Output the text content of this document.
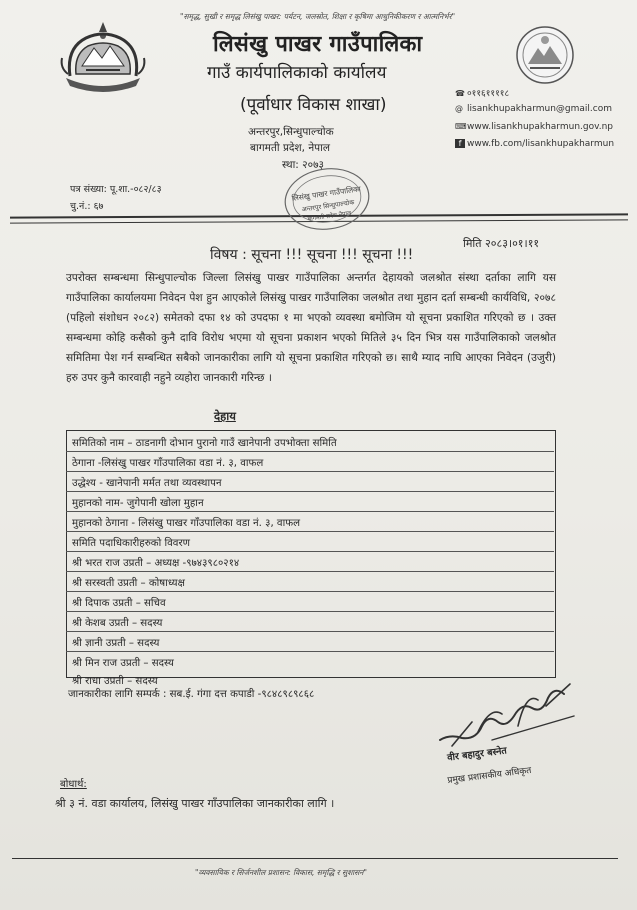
"समृद्ध, सुखी र समृद्ध लिसंखु पाखर: पर्यटन, जलस्रोत, शिक्षा र कृषिमा आधुनिकीकरण र आत्मनिर्भर"
लिसंखु पाखर गाउँपालिका
गाउँ कार्यपालिकाको कार्यालय
(पूर्वाधार विकास शाखा)
अन्तरपुर,सिन्धुपाल्चोक
बागमती प्रदेश, नेपाल
स्था: २०७३
☎ ०११६११११८
@ lisankhupakharmun@gmail.com
⌨www.lisankhupakharmun.gov.np
f www.fb.com/lisankhupakharmun
पत्र संख्या: पू.शा.-०८२/८३
चु.नं.: ६७
लिसंखु पाखर गाउँपालिका
अन्तरपुर सिन्धुपाल्चोक
बागमती प्रदेश नेपाल
मिति २०८३।०१।११
विषय : सूचना !!! सूचना !!! सूचना !!!
उपरोक्त सम्बन्धमा सिन्धुपाल्चोक जिल्ला लिसंखु पाखर गाउँपालिका अन्तर्गत देहायको जलश्रोत संस्था दर्ताका लागि यस गाउँपालिका कार्यालयमा निवेदन पेश हुन आएकोले लिसंखु पाखर गाउँपालिका जलश्रोत तथा मुहान दर्ता सम्बन्धी कार्यविधि, २०७८ (पहिलो संशोधन २०८२) समेतको दफा १४ को उपदफा १ मा भएको व्यवस्था बमोजिम यो सूचना प्रकाशित गरिएको छ । उक्त सम्बन्धमा कोहि कसैको कुनै दावि विरोध भएमा यो सूचना प्रकाशन भएको मितिले ३५ दिन भित्र यस गाउँपालिकाको जलश्रोत समितिमा पेश गर्न सम्बन्धित सबैको जानकारीका लागि यो सूचना प्रकाशित गरिएको छ। साथै म्याद नाघि आएका निवेदन (उजुरी) हरु उपर कुनै कारवाही नहुने व्यहोरा जानकारी गरिन्छ ।
देहाय
समितिको नाम – ठाडनागी दोभान पुरानो गाउँ खानेपानी उपभोक्ता समिति
ठेगाना -लिसंखु पाखर गाँउपालिका वडा नं. ३, वाफल
उद्धेश्य - खानेपानी मर्मत तथा व्यवस्थापन
मुहानको नाम- जुगेपानी खोला मुहान
मुहानको ठेगाना - लिसंखु पाखर गाँउपालिका वडा नं. ३, वाफल
समिति पदाधिकारीहरुको विवरण
श्री भरत राज उप्रती – अध्यक्ष -९७४३९८०२१४
श्री सरस्वती उप्रती – कोषाध्यक्ष
श्री दिपाक उप्रती – सचिव
श्री केशब उप्रती – सदस्य
श्री ज्ञानी उप्रती – सदस्य
श्री मिन राज उप्रती – सदस्य
श्री राधा उप्रती – सदस्य
जानकारीका लागि सम्पर्क : सब.ई. गंगा दत्त कपाडी -९८४८९८९८६८
वीर बहादुर बस्नेत
प्रमुख प्रशासकीय अधिकृत
बोधार्थ:
श्री ३ नं. वडा कार्यालय, लिसंखु पाखर गाँउपालिका जानकारीका लागि ।
"व्यवसायिक र सिर्जनशील प्रशासन: विकास, समृद्धि र सुशासन"
